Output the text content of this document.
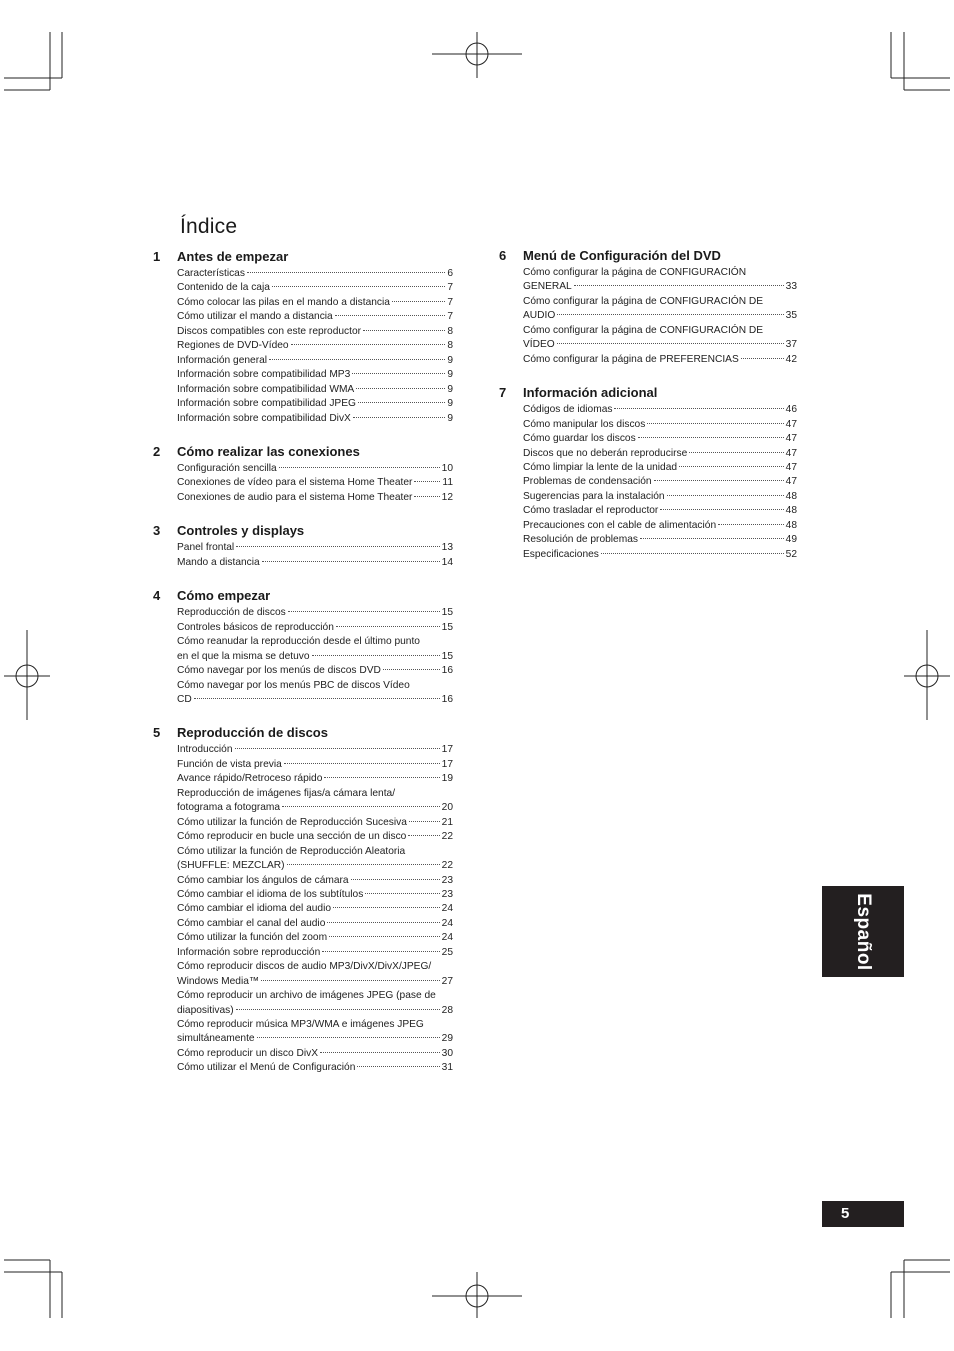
Índice
1	Antes de empezar
Características	6
Contenido de la caja	7
Cómo colocar las pilas en el mando a distancia	7
Cómo utilizar el mando a distancia	7
Discos compatibles con este reproductor	8
Regiones de DVD-Vídeo	8
Información general	9
Información sobre compatibilidad MP3	9
Información sobre compatibilidad WMA	9
Información sobre compatibilidad JPEG	9
Información sobre compatibilidad DivX	9
2	Cómo realizar las conexiones
Configuración sencilla	10
Conexiones de vídeo para el sistema Home Theater	11
Conexiones de audio para el sistema Home Theater	12
3	Controles y displays
Panel frontal	13
Mando a distancia	14
4	Cómo empezar
Reproducción de discos	15
Controles básicos de reproducción	15
Cómo reanudar la reproducción desde el último punto
en el que la misma se detuvo	15
Cómo navegar por los menús de discos DVD	16
Cómo navegar por los menús PBC de discos Vídeo
CD	16
5	Reproducción de discos
Introducción	17
Función de vista previa	17
Avance rápido/Retroceso rápido	19
Reproducción de imágenes fijas/a cámara lenta/
fotograma a fotograma	20
Cómo utilizar la función de Reproducción Sucesiva	21
Cómo reproducir en bucle una sección de un disco	22
Cómo utilizar la función de Reproducción Aleatoria
(SHUFFLE: MEZCLAR)	22
Cómo cambiar los ángulos de cámara	23
Cómo cambiar el idioma de los subtítulos	23
Cómo cambiar el idioma del audio	24
Cómo cambiar el canal del audio	24
Cómo utilizar la función del zoom	24
Información sobre reproducción	25
Cómo reproducir discos de audio MP3/DivX/DivX/JPEG/
Windows Media™	27
Cómo reproducir un archivo de imágenes JPEG (pase de
diapositivas)	28
Cómo reproducir música MP3/WMA e imágenes JPEG
simultáneamente	29
Cómo reproducir un disco DivX	30
Cómo utilizar el Menú de Configuración	31
6	Menú de Configuración del DVD
Cómo configurar la página de CONFIGURACIÓN
GENERAL	33
Cómo configurar la página de CONFIGURACIÓN DE
AUDIO	35
Cómo configurar la página de CONFIGURACIÓN DE
VÍDEO	37
Cómo configurar la página de PREFERENCIAS	42
7	Información adicional
Códigos de idiomas	46
Cómo manipular los discos	47
Cómo guardar los discos	47
Discos que no deberán reproducirse	47
Cómo limpiar la lente de la unidad	47
Problemas de condensación	47
Sugerencias para la instalación	48
Cómo trasladar el reproductor	48
Precauciones con el cable de alimentación	48
Resolución de problemas	49
Especificaciones	52
Español
5
